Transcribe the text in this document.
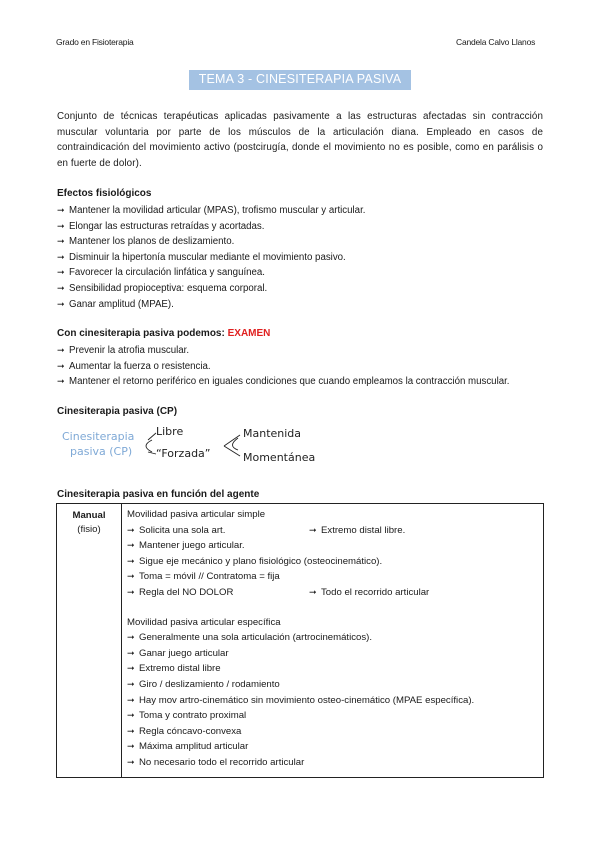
Grado en Fisioterapia	Candela Calvo Llanos
TEMA 3 - CINESITERAPIA PASIVA
Conjunto de técnicas terapéuticas aplicadas pasivamente a las estructuras afectadas sin contracción muscular voluntaria por parte de los músculos de la articulación diana. Empleado en casos de contraindicación del movimiento activo (postcirugía, donde el movimiento no es posible, como en parálisis o en fuerte de dolor).
Efectos fisiológicos
➞ Mantener la movilidad articular (MPAS), trofismo muscular y articular.
➞ Elongar las estructuras retraídas y acortadas.
➞ Mantener los planos de deslizamiento.
➞ Disminuir la hipertonía muscular mediante el movimiento pasivo.
➞ Favorecer la circulación linfática y sanguínea.
➞ Sensibilidad propioceptiva: esquema corporal.
➞ Ganar amplitud (MPAE).
Con cinesiterapia pasiva podemos: EXAMEN
➞ Prevenir la atrofia muscular.
➞ Aumentar la fuerza o resistencia.
➞ Mantener el retorno periférico en iguales condiciones que cuando empleamos la contracción muscular.
Cinesiterapia pasiva (CP)
Cinesiterapia
pasiva (CP)
Libre
“Forzada”
Mantenida
Momentánea
Cinesiterapia pasiva en función del agente
Manual
(fisio)

Movilidad pasiva articular simple
➞ Solicita una sola art.	➞ Extremo distal libre.
➞ Mantener juego articular.
➞ Sigue eje mecánico y plano fisiológico (osteocinemático).
➞ Toma = móvil // Contratoma = fija
➞ Regla del NO DOLOR	➞ Todo el recorrido articular
Movilidad pasiva articular específica
➞ Generalmente una sola articulación (artrocinemáticos).
➞ Ganar juego articular
➞ Extremo distal libre
➞ Giro / deslizamiento / rodamiento
➞ Hay mov artro-cinemático sin movimiento osteo-cinemático (MPAE específica).
➞ Toma y contrato proximal
➞ Regla cóncavo-convexa
➞ Máxima amplitud articular
➞ No necesario todo el recorrido articular
